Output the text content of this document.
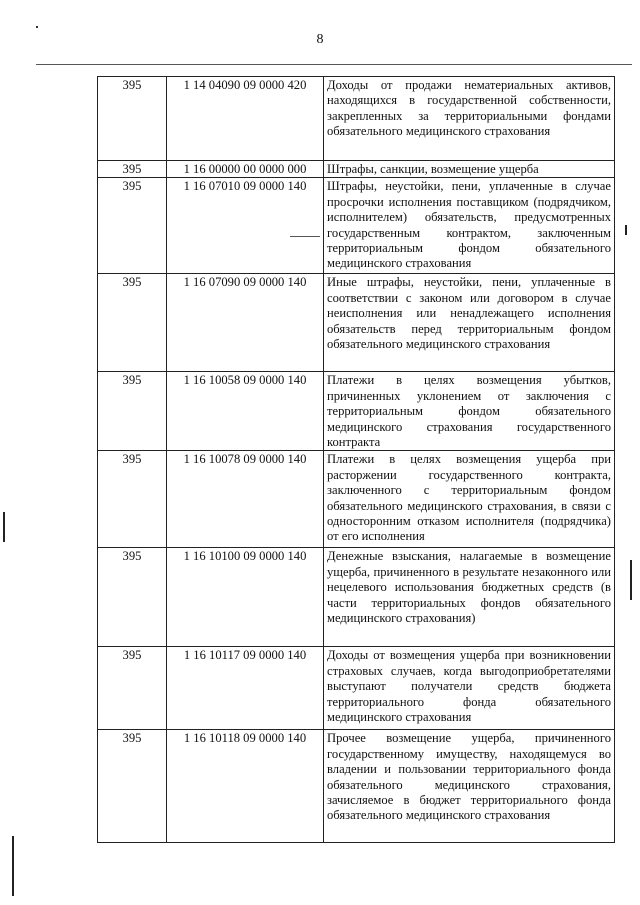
8
395	1 14 04090 09 0000 420	Доходы от продажи нематериальных активов, находящихся в государственной собственности, закрепленных за территориальными фондами обязательного медицинского страхования
395	1 16 00000 00 0000 000	Штрафы, санкции, возмещение ущерба
395	1 16 07010 09 0000 140	Штрафы, неустойки, пени, уплаченные в случае просрочки исполнения поставщиком (подрядчиком, исполнителем) обязательств, предусмотренных государственным контрактом, заключенным территориальным фондом обязательного медицинского страхования
395	1 16 07090 09 0000 140	Иные штрафы, неустойки, пени, уплаченные в соответствии с законом или договором в случае неисполнения или ненадлежащего исполнения обязательств перед территориальным фондом обязательного медицинского страхования
395	1 16 10058 09 0000 140	Платежи в целях возмещения убытков, причиненных уклонением от заключения с территориальным фондом обязательного медицинского страхования государственного контракта
395	1 16 10078 09 0000 140	Платежи в целях возмещения ущерба при расторжении государственного контракта, заключенного с территориальным фондом обязательного медицинского страхования, в связи с односторонним отказом исполнителя (подрядчика) от его исполнения
395	1 16 10100 09 0000 140	Денежные взыскания, налагаемые в возмещение ущерба, причиненного в результате незаконного или нецелевого использования бюджетных средств (в части территориальных фондов обязательного медицинского страхования)
395	1 16 10117 09 0000 140	Доходы от возмещения ущерба при возникновении страховых случаев, когда выгодоприобретателями выступают получатели средств бюджета территориального фонда обязательного медицинского страхования
395	1 16 10118 09 0000 140	Прочее возмещение ущерба, причиненного государственному имуществу, находящемуся во владении и пользовании территориального фонда обязательного медицинского страхования, зачисляемое в бюджет территориального фонда обязательного медицинского страхования
